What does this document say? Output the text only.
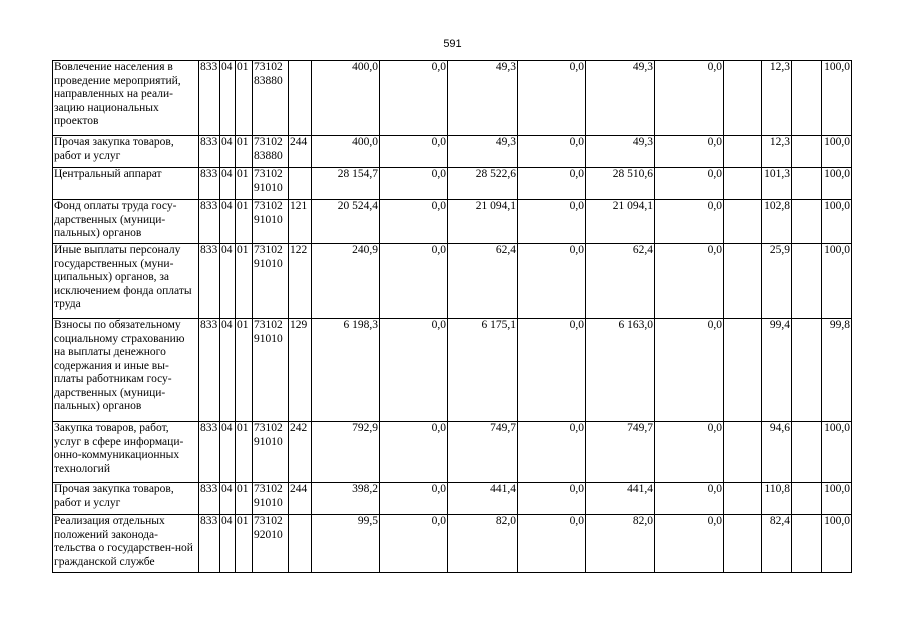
591
Вовлечение населения в проведение мероприятий, направленных на реали-зацию национальных проектов	833	04	01	73102 83880		400,0	0,0	49,3	0,0	49,3	0,0		12,3		100,0
Прочая закупка товаров, работ и услуг	833	04	01	73102 83880	244	400,0	0,0	49,3	0,0	49,3	0,0		12,3		100,0
Центральный аппарат	833	04	01	73102 91010		28 154,7	0,0	28 522,6	0,0	28 510,6	0,0		101,3		100,0
Фонд оплаты труда госу-дарственных (муници-пальных) органов	833	04	01	73102 91010	121	20 524,4	0,0	21 094,1	0,0	21 094,1	0,0		102,8		100,0
Иные выплаты персоналу государственных (муни-ципальных) органов, за исключением фонда оплаты труда	833	04	01	73102 91010	122	240,9	0,0	62,4	0,0	62,4	0,0		25,9		100,0
Взносы по обязательному социальному страхованию на выплаты денежного содержания и иные вы-платы работникам госу-дарственных (муници-пальных) органов	833	04	01	73102 91010	129	6 198,3	0,0	6 175,1	0,0	6 163,0	0,0		99,4		99,8
Закупка товаров, работ, услуг в сфере информаци-онно-коммуникационных технологий	833	04	01	73102 91010	242	792,9	0,0	749,7	0,0	749,7	0,0		94,6		100,0
Прочая закупка товаров, работ и услуг	833	04	01	73102 91010	244	398,2	0,0	441,4	0,0	441,4	0,0		110,8		100,0
Реализация отдельных положений законода-тельства о государствен-ной гражданской службе	833	04	01	73102 92010		99,5	0,0	82,0	0,0	82,0	0,0		82,4		100,0
